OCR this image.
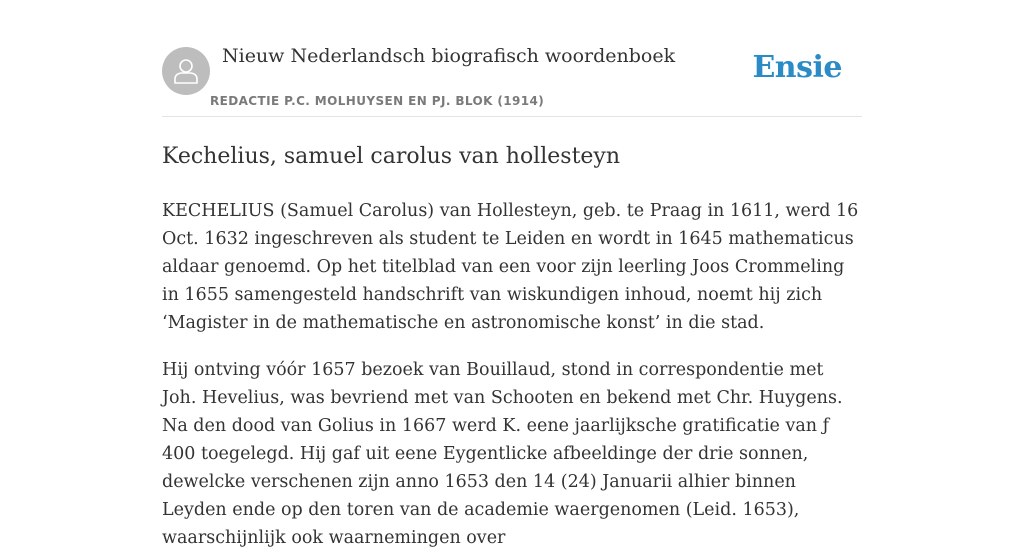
Nieuw Nederlandsch biografisch woordenboek
REDACTIE P.C. MOLHUYSEN EN PJ. BLOK (1914)
Ensie
Kechelius, samuel carolus van hollesteyn

KECHELIUS (Samuel Carolus) van Hollesteyn, geb. te Praag in 1611, werd 16 Oct. 1632 ingeschreven als student te Leiden en wordt in 1645 mathematicus aldaar genoemd. Op het titelblad van een voor zijn leerling Joos Crommeling in 1655 samengesteld handschrift van wiskundigen inhoud, noemt hij zich ‘Magister in de mathematische en astronomische konst’ in die stad.

Hij ontving vóór 1657 bezoek van Bouillaud, stond in correspondentie met Joh. Hevelius, was bevriend met van Schooten en bekend met Chr. Huygens. Na den dood van Golius in 1667 werd K. eene jaarlijksche gratificatie van ƒ 400 toegelegd. Hij gaf uit eene Eygentlicke afbeeldinge der drie sonnen, dewelcke verschenen zijn anno 1653 den 14 (24) Januarii alhier binnen Leyden ende op den toren van de academie waergenomen (Leid. 1653), waarschijnlijk ook waarnemingen over
